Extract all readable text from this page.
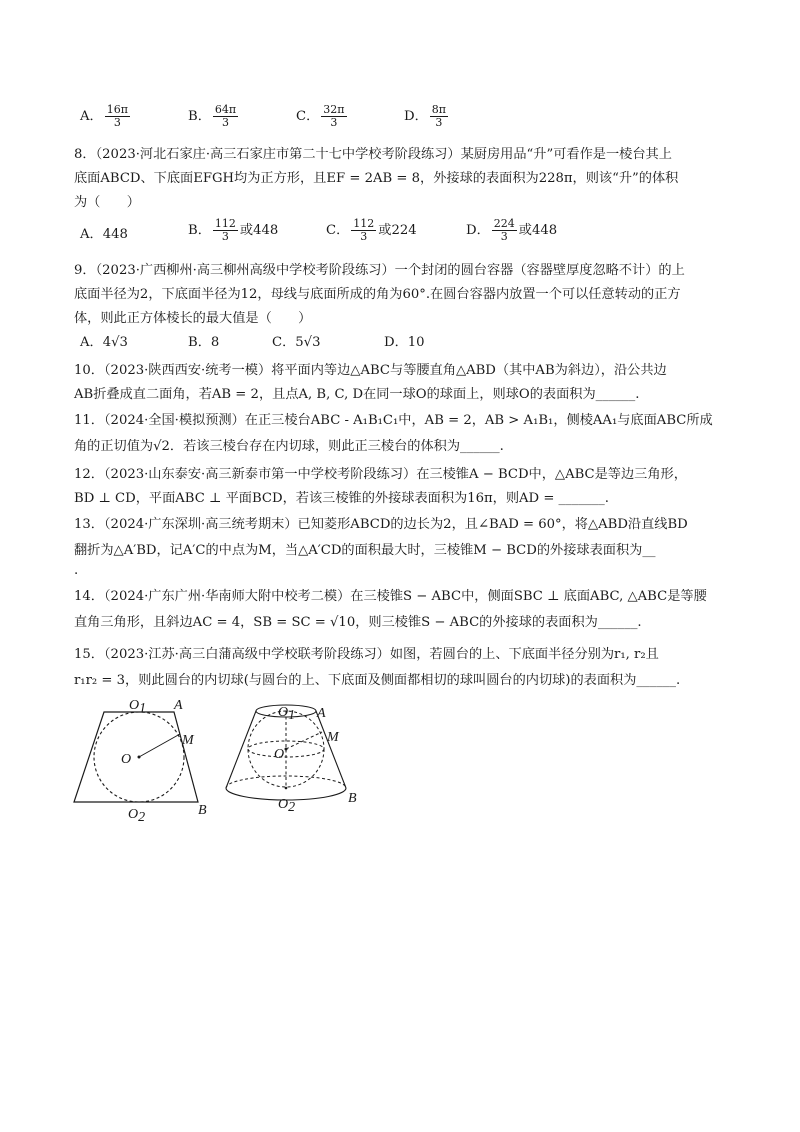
A． $\frac{16\pi}{3}$	B． $\frac{64\pi}{3}$	C． $\frac{32\pi}{3}$	D． $\frac{8\pi}{3}$
8．（2023·河北石家庄·高三石家庄市第二十七中学校考阶段练习）某厨房用品“升”可看作是一棱台其上
底面ABCD、下底面EFGH均为正方形，且EF = 2AB = 8，外接球的表面积为228π，则该“升”的体积
为（　　）
A．448	B． $\frac{112}{3}$ 或448	C． $\frac{112}{3}$ 或224	D． $\frac{224}{3}$ 或448
9．（2023·广西柳州·高三柳州高级中学校考阶段练习）一个封闭的圆台容器（容器壁厚度忽略不计）的上
底面半径为2，下底面半径为12，母线与底面所成的角为60°.在圆台容器内放置一个可以任意转动的正方
体，则此正方体棱长的最大值是（　　）
A．4√3	B．8	C．5√3	D．10
10．（2023·陕西西安·统考一模）将平面内等边△ABC与等腰直角△ABD（其中AB为斜边），沿公共边
AB折叠成直二面角，若AB = 2，且点A, B, C, D在同一球O的球面上，则球O的表面积为______.
11．（2024·全国·模拟预测）在正三棱台ABC - A₁B₁C₁中，AB = 2，AB > A₁B₁，侧棱AA₁与底面ABC所成
角的正切值为√2．若该三棱台存在内切球，则此正三棱台的体积为______.
12．（2023·山东泰安·高三新泰市第一中学校考阶段练习）在三棱锥A − BCD中，△ABC是等边三角形，
BD ⊥ CD，平面ABC ⊥ 平面BCD，若该三棱锥的外接球表面积为16π，则AD = _______.
13．（2024·广东深圳·高三统考期末）已知菱形ABCD的边长为2，且∠BAD = 60°，将△ABD沿直线BD
翻折为△A′BD，记A′C的中点为M，当△A′CD的面积最大时，三棱锥M − BCD的外接球表面积为__
.
14．（2024·广东广州·华南师大附中校考二模）在三棱锥S − ABC中，侧面SBC ⊥ 底面ABC, △ABC是等腰
直角三角形，且斜边AC = 4，SB = SC = √10，则三棱锥S − ABC的外接球的表面积为______.
15．（2023·江苏·高三白蒲高级中学校联考阶段练习）如图，若圆台的上、下底面半径分别为r₁, r₂且
r₁r₂ = 3，则此圆台的内切球(与圆台的上、下底面及侧面都相切的球叫圆台的内切球)的表面积为______.
O1 A
M
O
O2	B
O1 A
M
O
O2
B
